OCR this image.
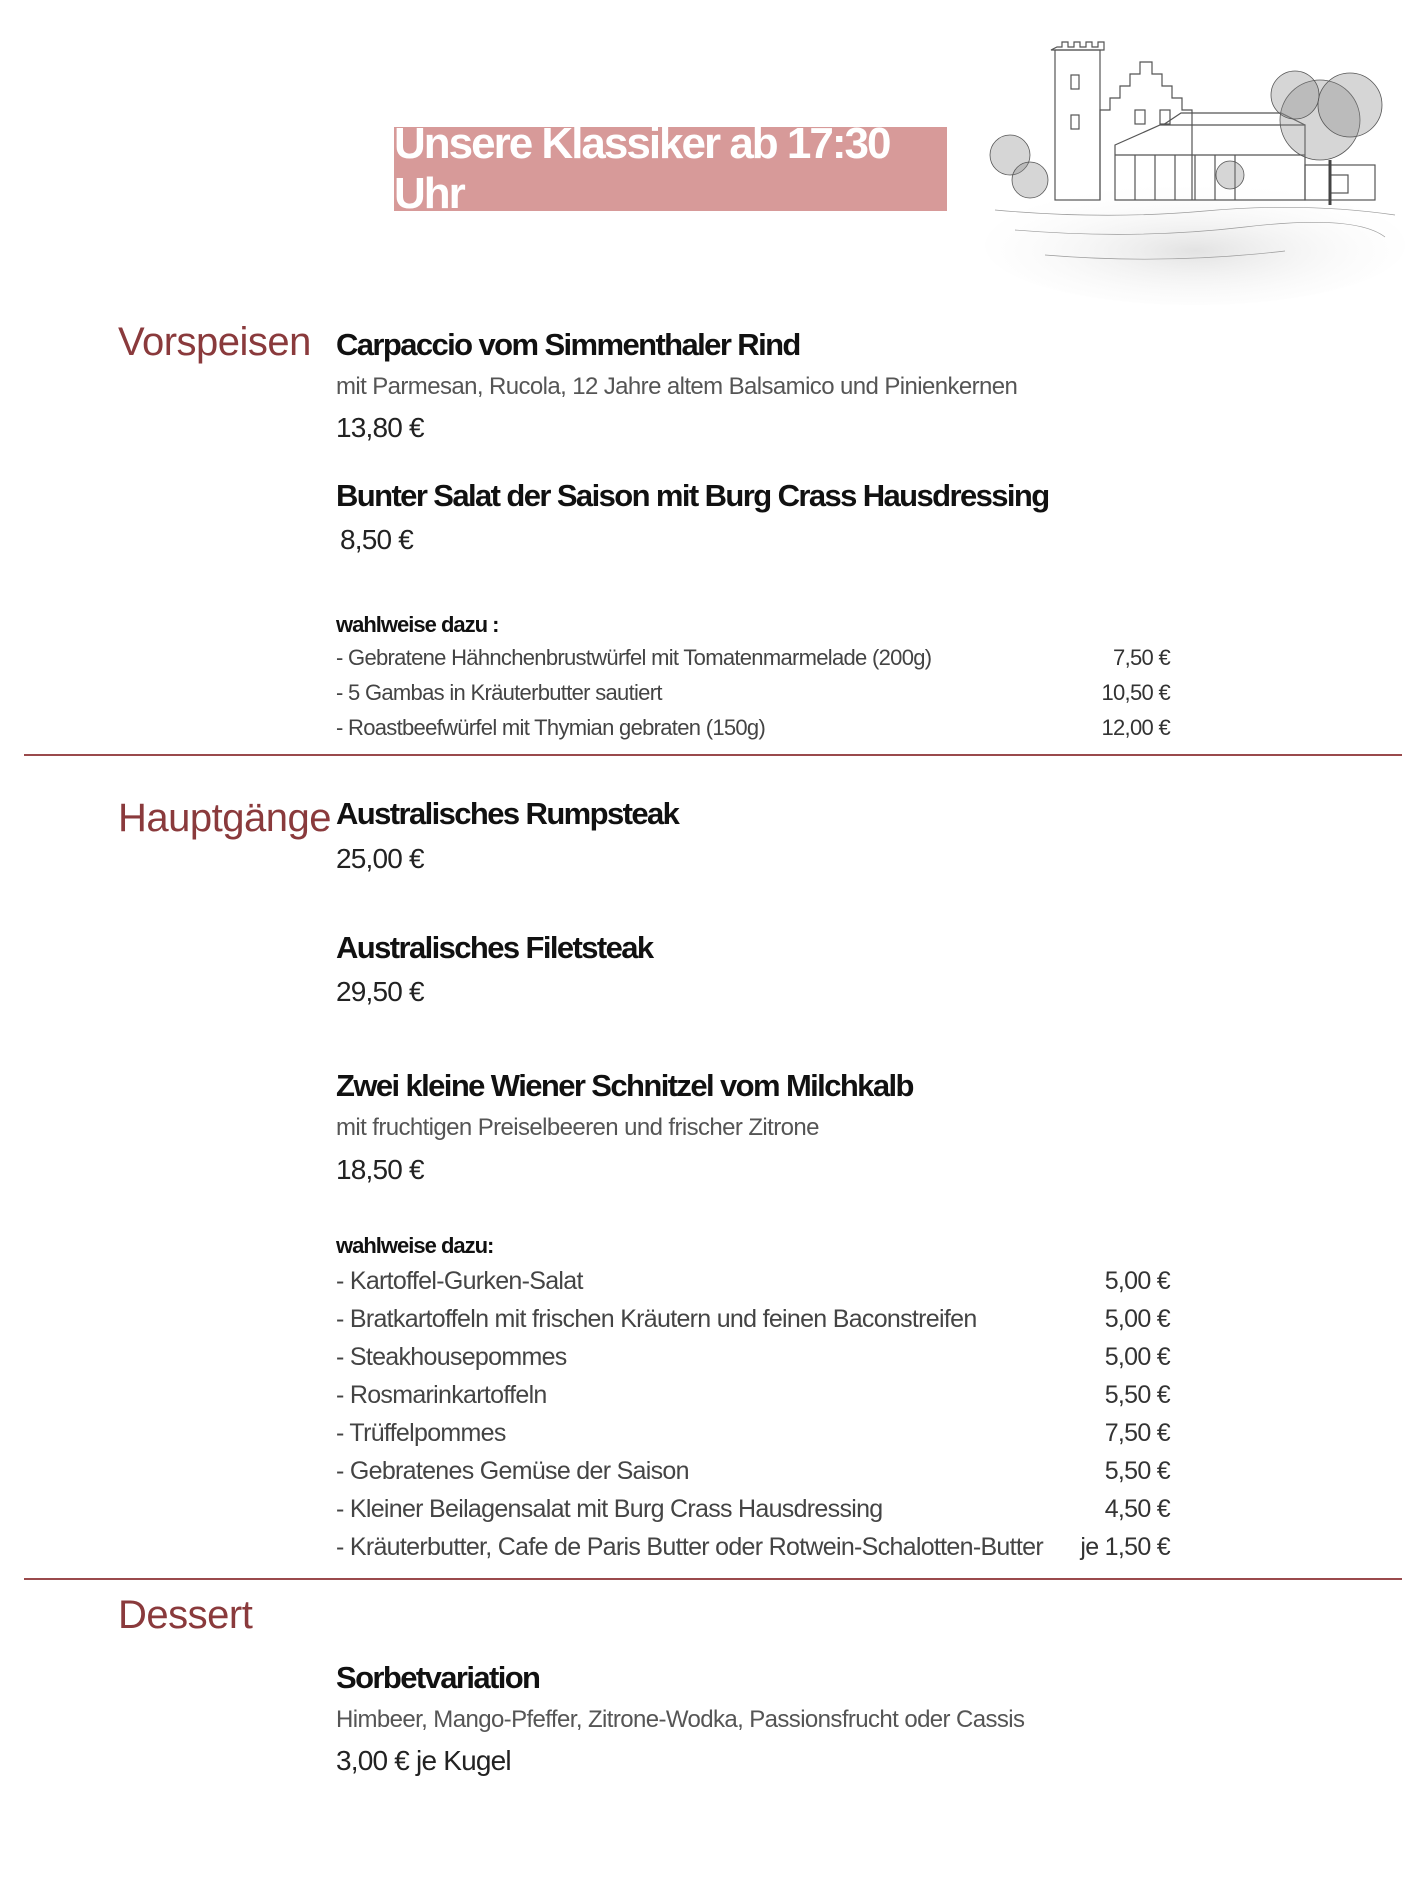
Unsere Klassiker ab 17:30 Uhr
Vorspeisen Carpaccio vom Simmenthaler Rind
mit Parmesan, Rucola, 12 Jahre altem Balsamico und Pinienkernen
13,80 €
Bunter Salat der Saison mit Burg Crass Hausdressing
8,50 €
wahlweise dazu :
- Gebratene Hähnchenbrustwürfel mit Tomatenmarmelade (200g)	7,50 €
- 5 Gambas in Kräuterbutter sautiert	10,50 €
- Roastbeefwürfel mit Thymian gebraten (150g)	12,00 €
Hauptgänge Australisches Rumpsteak
25,00 €
Australisches Filetsteak
29,50 €
Zwei kleine Wiener Schnitzel vom Milchkalb
mit fruchtigen Preiselbeeren und frischer Zitrone
18,50 €
wahlweise dazu:
- Kartoffel-Gurken-Salat	5,00 €
- Bratkartoffeln mit frischen Kräutern und feinen Baconstreifen	5,00 €
- Steakhousepommes	5,00 €
- Rosmarinkartoffeln	5,50 €
- Trüffelpommes	7,50 €
- Gebratenes Gemüse der Saison	5,50 €
- Kleiner Beilagensalat mit Burg Crass Hausdressing	4,50 €
- Kräuterbutter, Cafe de Paris Butter oder Rotwein-Schalotten-Butter je 1,50 €
Dessert
Sorbetvariation
Himbeer, Mango-Pfeffer, Zitrone-Wodka, Passionsfrucht oder Cassis
3,00 € je Kugel
